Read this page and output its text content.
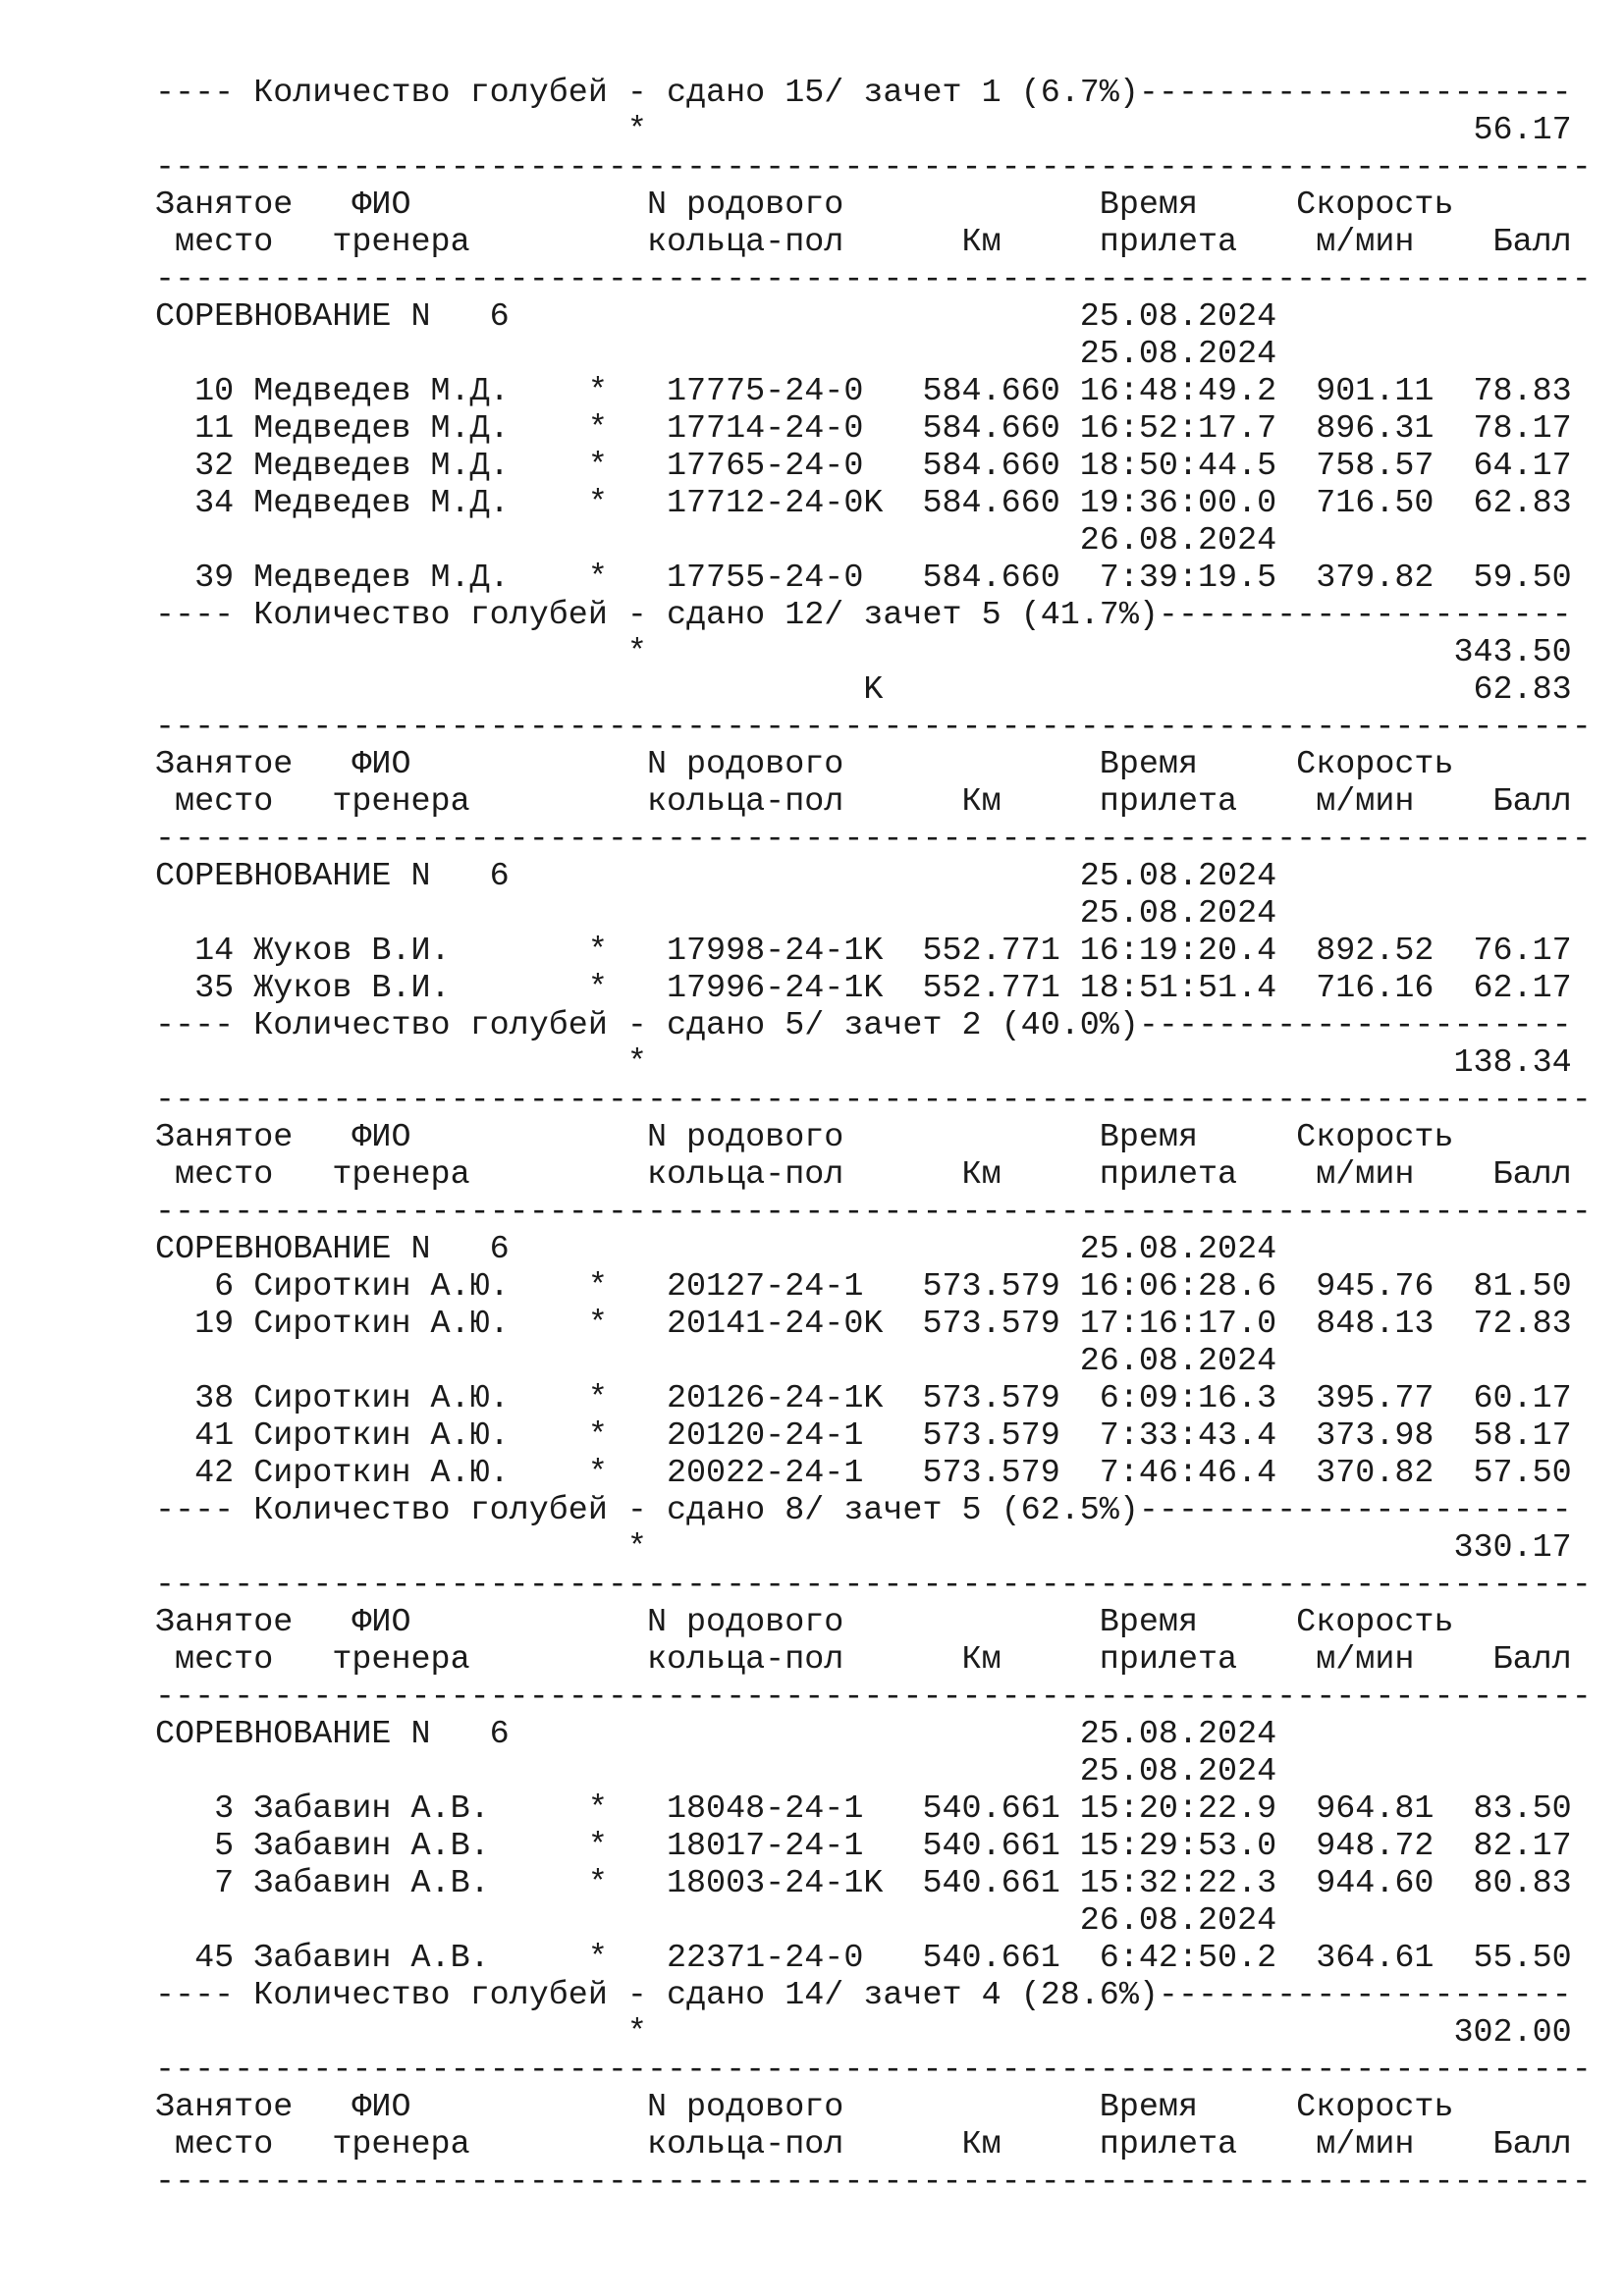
---- Количество голубей - сдано 15/ зачет 1 (6.7%)----------------------
*                                          56.17
-------------------------------------------------------------------------
Занятое   ФИО            N родового             Время     Скорость
место   тренера         кольца-пол      Км     прилета    м/мин    Балл
-------------------------------------------------------------------------
СОРЕВНОВАНИЕ N   6                             25.08.2024
25.08.2024
10 Медведев М.Д.    *   17775-24-0   584.660 16:48:49.2  901.11  78.83
11 Медведев М.Д.    *   17714-24-0   584.660 16:52:17.7  896.31  78.17
32 Медведев М.Д.    *   17765-24-0   584.660 18:50:44.5  758.57  64.17
34 Медведев М.Д.    *   17712-24-0K  584.660 19:36:00.0  716.50  62.83
26.08.2024
39 Медведев М.Д.    *   17755-24-0   584.660  7:39:19.5  379.82  59.50
---- Количество голубей - сдано 12/ зачет 5 (41.7%)---------------------
*                                         343.50
K                              62.83
-------------------------------------------------------------------------
Занятое   ФИО            N родового             Время     Скорость
место   тренера         кольца-пол      Км     прилета    м/мин    Балл
-------------------------------------------------------------------------
СОРЕВНОВАНИЕ N   6                             25.08.2024
25.08.2024
14 Жуков В.И.       *   17998-24-1K  552.771 16:19:20.4  892.52  76.17
35 Жуков В.И.       *   17996-24-1K  552.771 18:51:51.4  716.16  62.17
---- Количество голубей - сдано 5/ зачет 2 (40.0%)----------------------
*                                         138.34
-------------------------------------------------------------------------
Занятое   ФИО            N родового             Время     Скорость
место   тренера         кольца-пол      Км     прилета    м/мин    Балл
-------------------------------------------------------------------------
СОРЕВНОВАНИЕ N   6                             25.08.2024
6 Сироткин А.Ю.    *   20127-24-1   573.579 16:06:28.6  945.76  81.50
19 Сироткин А.Ю.    *   20141-24-0K  573.579 17:16:17.0  848.13  72.83
26.08.2024
38 Сироткин А.Ю.    *   20126-24-1K  573.579  6:09:16.3  395.77  60.17
41 Сироткин А.Ю.    *   20120-24-1   573.579  7:33:43.4  373.98  58.17
42 Сироткин А.Ю.    *   20022-24-1   573.579  7:46:46.4  370.82  57.50
---- Количество голубей - сдано 8/ зачет 5 (62.5%)----------------------
*                                         330.17
-------------------------------------------------------------------------
Занятое   ФИО            N родового             Время     Скорость
место   тренера         кольца-пол      Км     прилета    м/мин    Балл
-------------------------------------------------------------------------
СОРЕВНОВАНИЕ N   6                             25.08.2024
25.08.2024
3 Забавин А.В.     *   18048-24-1   540.661 15:20:22.9  964.81  83.50
5 Забавин А.В.     *   18017-24-1   540.661 15:29:53.0  948.72  82.17
7 Забавин А.В.     *   18003-24-1K  540.661 15:32:22.3  944.60  80.83
26.08.2024
45 Забавин А.В.     *   22371-24-0   540.661  6:42:50.2  364.61  55.50
---- Количество голубей - сдано 14/ зачет 4 (28.6%)---------------------
*                                         302.00
-------------------------------------------------------------------------
Занятое   ФИО            N родового             Время     Скорость
место   тренера         кольца-пол      Км     прилета    м/мин    Балл
-------------------------------------------------------------------------
